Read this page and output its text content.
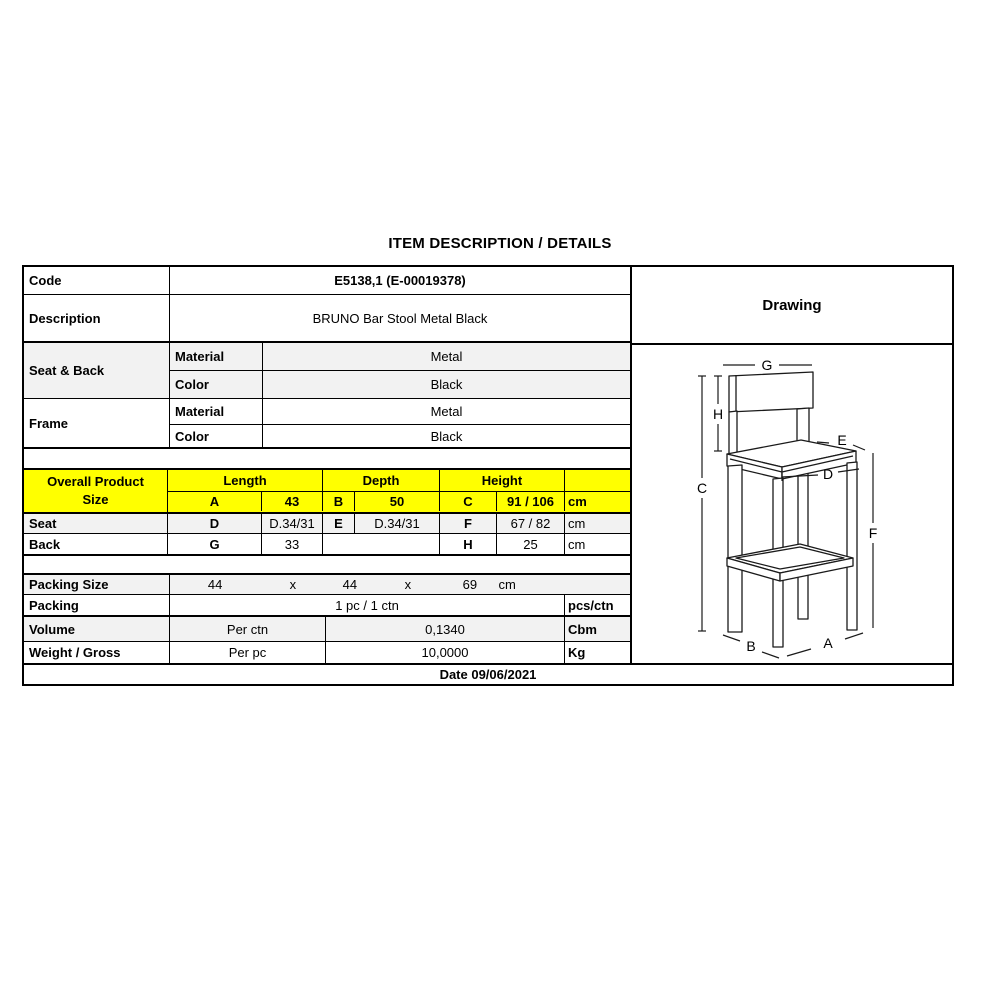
ITEM DESCRIPTION / DETAILS
Code	E5138,1 (E-00019378)
Description	BRUNO Bar Stool Metal Black
Seat & Back
Material	Metal
Color	Black
Frame
Material	Metal
Color	Black
Overall Product
Size
Length	Depth	Height
A	43	B	50	C	91 / 106	cm
Seat	D	D.34/31	E	D.34/31	F	67 / 82	cm
Back	G	33	H	25	cm
Packing Size	44	x	44	x	69 cm
Packing	1 pc / 1 ctn	pcs/ctn
Volume	Per ctn	0,1340	Cbm
Weight / Gross	Per pc	10,0000	Kg
Drawing
G
H
E
D
C
F
B	A
Date 09/06/2021
